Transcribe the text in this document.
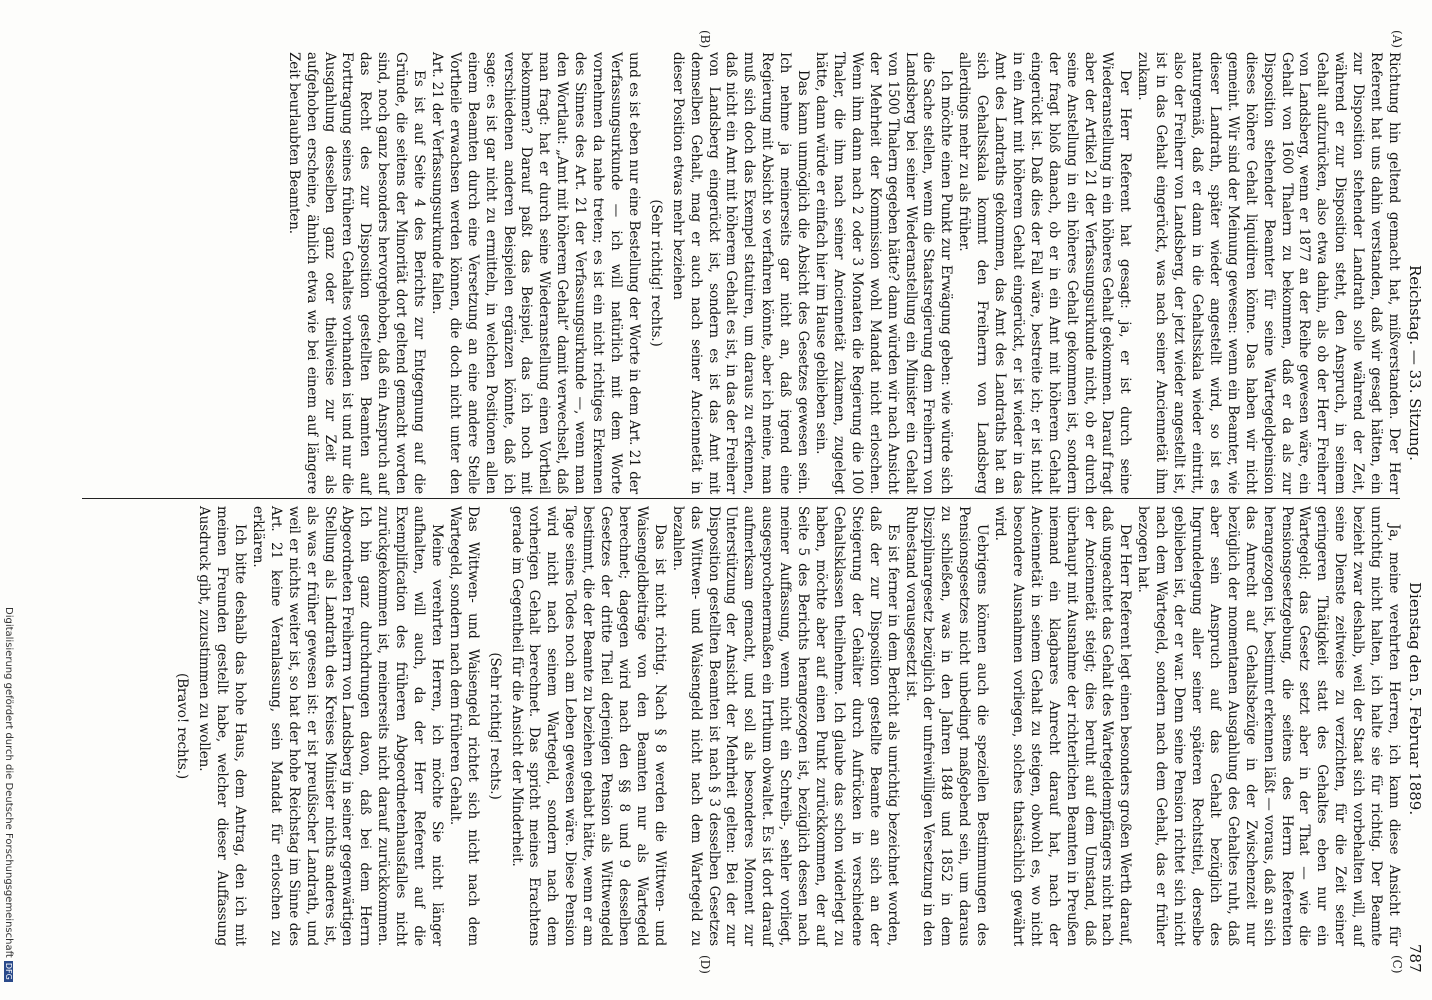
Reichstag. — 33. Sitzung.
Dienstag den 5. Februar 1889.
787
(A)
(C)
(B)
(D)

Richtung hin geltend gemacht hat, mißverstanden. Der Herr Referent hat uns dahin verstanden, daß wir gesagt hätten, ein zur Disposition stehender Landrath solle während der Zeit, während er zur Disposition steht, den Anspruch, in seinem Gehalt aufzurücken, also etwa dahin, als ob der Herr Freiherr von Landsberg, wenn er 1877 an der Reihe gewesen wäre, ein Gehalt von 1600 Thalern zu bekommen, daß er da als zur Disposition stehender Beamter für seine Wartegeldpeinsion dieses höhere Gehalt liquidiren könne. Das haben wir nicht gemeint. Wir sind der Meinung gewesen: wenn ein Beamter, wie dieser Landrath, später wieder angestellt wird, so ist es naturgemäß, daß er dann in die Gehaltsskala wieder eintritt, also der Freiherr von Landsberg, der jetzt wieder angestellt ist, ist in das Gehalt eingerückt, was nach seiner Anciennetät ihm zukam.

Der Herr Referent hat gesagt: ja, er ist durch seine Wiederanstellung in ein höheres Gehalt gekommen. Darauf fragt aber der Artikel 21 der Verfassungsurkunde nicht, ob er durch seine Anstellung in ein höheres Gehalt gekommen ist, sondern der fragt bloß danach, ob er in ein Amt mit höherem Gehalt eingerückt ist. Daß dies der Fall wäre, bestreite ich; er ist nicht in ein Amt mit höherem Gehalt eingerückt, er ist wieder in das Amt des Landraths gekommen, das Amt des Landraths hat an sich Gehaltsskala kommt den Freiherrn von Landsberg allerdings mehr zu als früher.

Ich möchte einen Punkt zur Erwägung geben: wie würde sich die Sache stellen, wenn die Staatsregierung dem Freiherrn von Landsberg bei seiner Wiederanstellung ein Minister ein Gehalt von 1500 Thalern gegeben hätte? dann würden wir nach Ansicht der Mehrheit der Kommission wohl Mandat nicht erloschen. Wenn ihm dann nach 2 oder 3 Monaten die Regierung die 100 Thaler, die ihm nach seiner Anciennetät zukamen, zugelegt hätte, dann würde er einfach hier im Hause geblieben sein.

Das kann unmöglich die Absicht des Gesetzes gewesen sein. Ich nehme ja meinerseits gar nicht an, daß irgend eine Regierung mit Absicht so verfahren könnte, aber ich meine, man muß sich doch das Exempel statuiren, um daraus zu erkennen, daß nicht ein Amt mit höherem Gehalt es ist, in das der Freiherr von Landsberg eingerückt ist, sondern es ist das Amt mit demselben Gehalt, mag er auch nach seiner Anciennetät in dieser Position etwas mehr beziehen

(Sehr richtig! rechts.)

und es ist eben nur eine Bestellung der Worte in dem Art. 21 der Verfassungsurkunde — ich will natürlich mit dem Worte vornehmen da nahe treten; es ist ein nicht richtiges Erkennen des Sinnes des Art. 21 der Verfassungsurkunde —, wenn man den Wortlaut: „Amt mit höherem Gehalt“ damit verwechselt, daß man fragt: hat er durch seine Wiederanstellung einen Vortheil bekommen? Darauf paßt das Beispiel, das ich noch mit verschiedenen anderen Beispielen ergänzen könnte, daß ich sage: es ist gar nicht zu ermitteln, in welchen Positionen allen einem Beamten durch eine Versetzung an eine andere Stelle Vortheile erwachsen werden können, die doch nicht unter den Art. 21 der Verfassungsurkunde fallen.

Es ist auf Seite 4 des Berichts zur Entgegnung auf die Gründe, die seitens der Minorität dort geltend gemacht worden sind, noch ganz besonders hervorgehoben, daß ein Anspruch auf das Recht des zur Disposition gestellten Beamten auf Forttragung seines früheren Gehaltes vorhanden ist und nur die Ausgahlung desselben ganz oder theilweise zur Zeit als aufgehoben erscheine, ähnlich etwa wie bei einem auf längere Zeit beurlaubten Beamten.

Ja, meine verehrten Herren, ich kann diese Ansicht für unrichtig nicht halten, ich halte sie für richtig. Der Beamte bezieht zwar deshalb, weil der Staat sich vorbehalten will, auf seine Dienste zeitweise zu verzichten, für die Zeit seiner geringeren Thätigkeit statt des Gehaltes eben nur ein Wartegeld; das Gesetz setzt aber in der That — wie die Pensionsgesetzgebung, die seitens des Herrn Referenten herangezogen ist, bestimmt erkennen läßt — voraus, daß an sich das Anrecht auf Gehaltsbezüge in der Zwischenzeit nur bezüglich der momentanen Ausgahlung des Gehaltes ruht, daß aber sein Anspruch auf das Gehalt bezüglich des Ingrundelegung aller seiner späteren Rechtstitel, derselbe geblieben ist, der er war. Denn seine Pension richtet sich nicht nach dem Wartegeld, sondern nach dem Gehalt, das er früher bezogen hat.

Der Herr Referent legt einen besonders großen Werth darauf, daß ungeachtet das Gehalt des Wartegeldempfängers nicht nach der Anciennetät steigt; dies beruht auf dem Umstand, daß überhaupt mit Ausnahme der richterlichen Beamten in Preußen niemand ein klagbares Anrecht darauf hat, nach der Anciennetät in seinem Gehalt zu steigen, obwohl es, wo nicht besondere Ausnahmen vorliegen, solches thatsächlich gewährt wird.

Uebrigens können auch die speziellen Bestimmungen des Pensionsgesetzes nicht unbedingt maßgebend sein, um daraus zu schließen, was in den Jahren 1848 und 1852 in dem Disziplinargesetz bezüglich der unfreiwilligen Versetzung in den Ruhestand vorausgesetzt ist.

Es ist ferner in dem Bericht als unrichtig bezeichnet worden, daß der zur Disposition gestellte Beamte an sich an der Steigerung der Gehälter durch Aufrücken in verschiedene Gehaltsklassen theilnehme. Ich glaube das schon widerlegt zu haben, möchte aber auf einen Punkt zurückkommen, der auf Seite 5 des Berichts herangezogen ist, bezüglich dessen nach meiner Auffassung, wenn nicht ein Schreib-, sehler vorliegt, ausgesprochenermaßen ein Irrthum obwaltet. Es ist dort darauf aufmerksam gemacht, und soll als besonderes Moment zur Unterstützung der Ansicht der Mehrheit gelten: Bei der zur Disposition gestellten Beamten ist nach § 3 desselben Gesetzes das Wittwen- und Waisengeld nicht nach dem Wartegeld zu bezahlen.

Das ist nicht richtig. Nach § 8 werden die Wittwen- und Waisengeldbeiträge von den Beamten nur als Wartegeld berechnet; dagegen wird nach den §§ 8 und 9 desselben Gesetzes der dritte Theil derjenigen Pension als Wittwengeld bestimmt, die der Beamte zu beziehen gehabt hätte, wenn er am Tage seines Todes noch am Leben gewesen wäre. Diese Pension wird nicht nach seinem Wartegeld, sondern nach dem vorherigen Gehalt berechnet. Das spricht meines Erachtens gerade im Gegentheil für die Ansicht der Minderheit.

(Sehr richtig! rechts.)

Das Wittwen- und Waisengeld richtet sich nicht nach dem Wartegeld, sondern nach dem früheren Gehalt.

Meine verehrten Herren, ich möchte Sie nicht länger aufhalten, will auch, da der Herr Referent auf die Exemplification des früheren Abgeordnetenhausfalles nicht zurückgekommen ist, meinerseits nicht darauf zurückkommen. Ich bin ganz durchdrungen davon, daß bei dem Herrn Abgeordneten Freiherrn von Landsberg in seiner gegenwärtigen Stellung als Landrath des Kreises Minister nichts anderes ist, als was er früher gewesen ist: er ist preußischer Landrath, und weil er nichts weiter ist, so hat der hohe Reichstag im Sinne des Art. 21 keine Veranlassung, sein Mandat für erloschen zu erklären.

Ich bitte deshalb das hohe Haus, dem Antrag, den ich mit meinen Freunden gestellt habe, welcher dieser Auffassung Ausdruck gibt, zuzustimmen zu wollen.

(Bravo! rechts.)
Digitalisierung gefördert durch die Deutsche ForschungsgemeinschaftDFG
